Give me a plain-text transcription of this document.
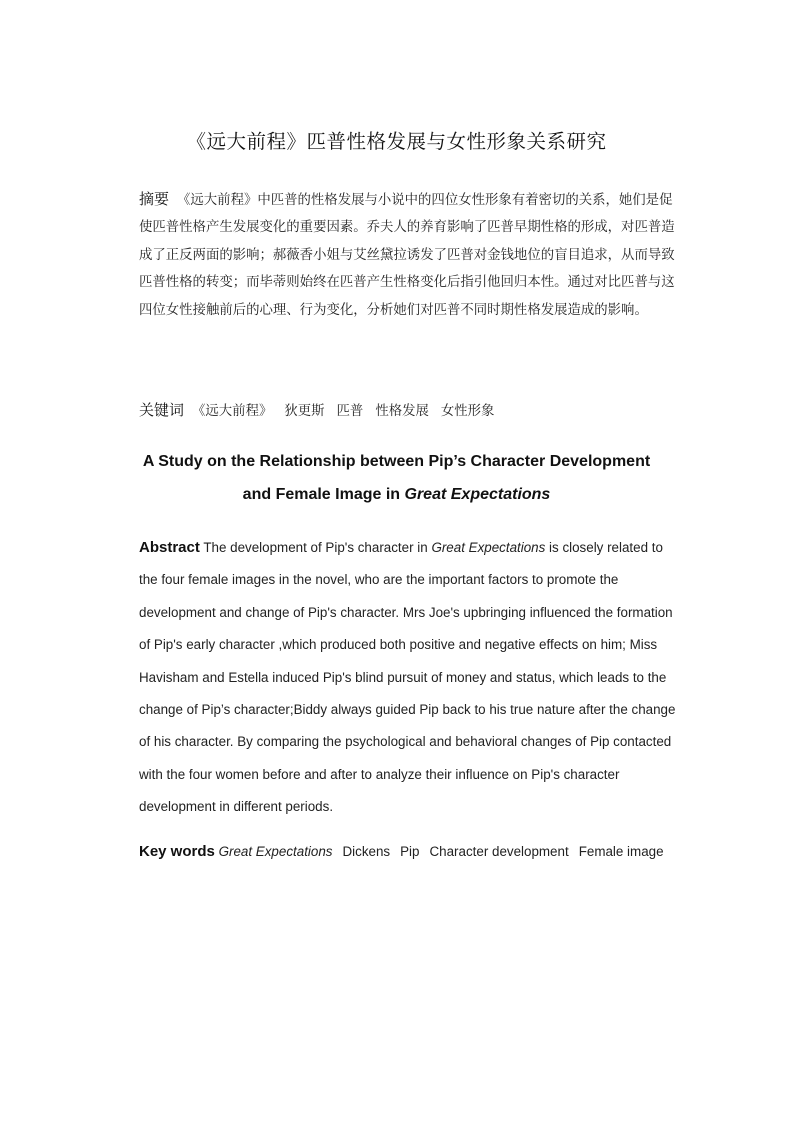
《远大前程》匹普性格发展与女性形象关系研究
摘要 《远大前程》中匹普的性格发展与小说中的四位女性形象有着密切的关系，她们是促使匹普性格产生发展变化的重要因素。乔夫人的养育影响了匹普早期性格的形成，对匹普造成了正反两面的影响；郝薇香小姐与艾丝黛拉诱发了匹普对金钱地位的盲目追求，从而导致匹普性格的转变；而毕蒂则始终在匹普产生性格变化后指引他回归本性。通过对比匹普与这四位女性接触前后的心理、行为变化，分析她们对匹普不同时期性格发展造成的影响。
关键词 《远大前程》 狄更斯 匹普 性格发展 女性形象
A Study on the Relationship between Pip’s Character Development
and Female Image in Great Expectations
Abstract The development of Pip's character in Great Expectations is closely related to the four female images in the novel, who are the important factors to promote the development and change of Pip's character. Mrs Joe's upbringing influenced the formation of Pip's early character ,which produced both positive and negative effects on him; Miss Havisham and Estella induced Pip's blind pursuit of money and status, which leads to the change of Pip’s character;Biddy always guided Pip back to his true nature after the change of his character. By comparing the psychological and behavioral changes of Pip contacted with the four women before and after to analyze their influence on Pip's character development in different periods.
Key words Great Expectations Dickens Pip Character development Female image
